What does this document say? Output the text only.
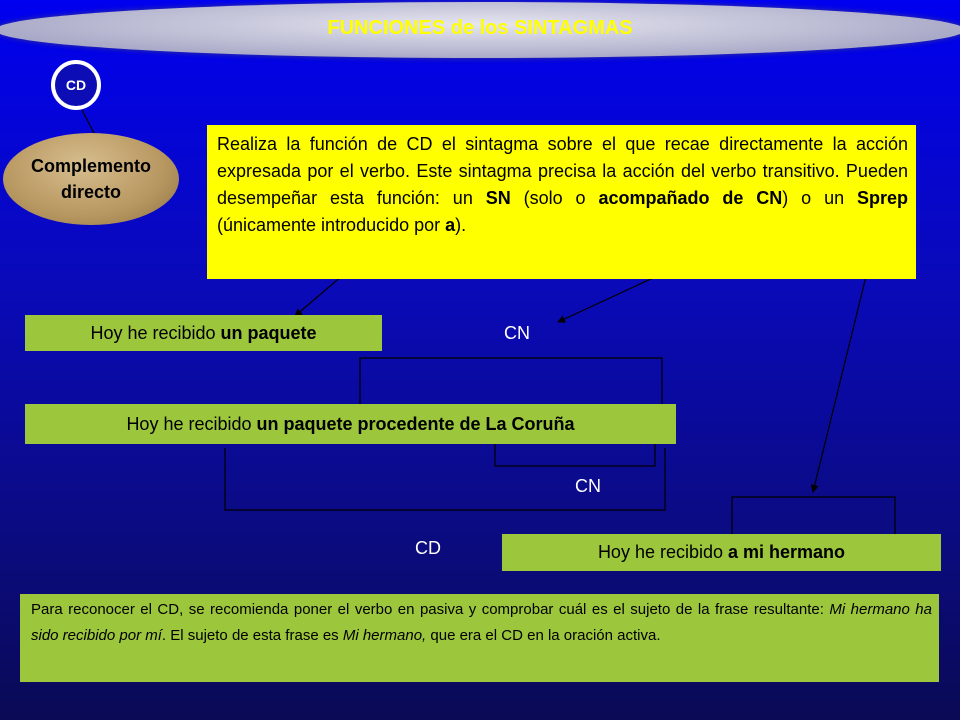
FUNCIONES de los SINTAGMAS
CD
Complemento
directo
Realiza la función de CD el sintagma sobre el que recae directamente la acción expresada por el verbo. Este sintagma precisa la acción del verbo transitivo. Pueden desempeñar esta función: un SN (solo o acompañado de CN) o un Sprep (únicamente introducido por a).
Hoy he recibido un paquete	CN
Hoy he recibido un paquete procedente de La Coruña
CN
CD	Hoy he recibido a mi hermano
Para reconocer el CD, se recomienda poner el verbo en pasiva y comprobar cuál es el sujeto de la frase resultante: Mi hermano ha sido recibido por mí. El sujeto de esta frase es Mi hermano, que era el CD en la oración activa.
